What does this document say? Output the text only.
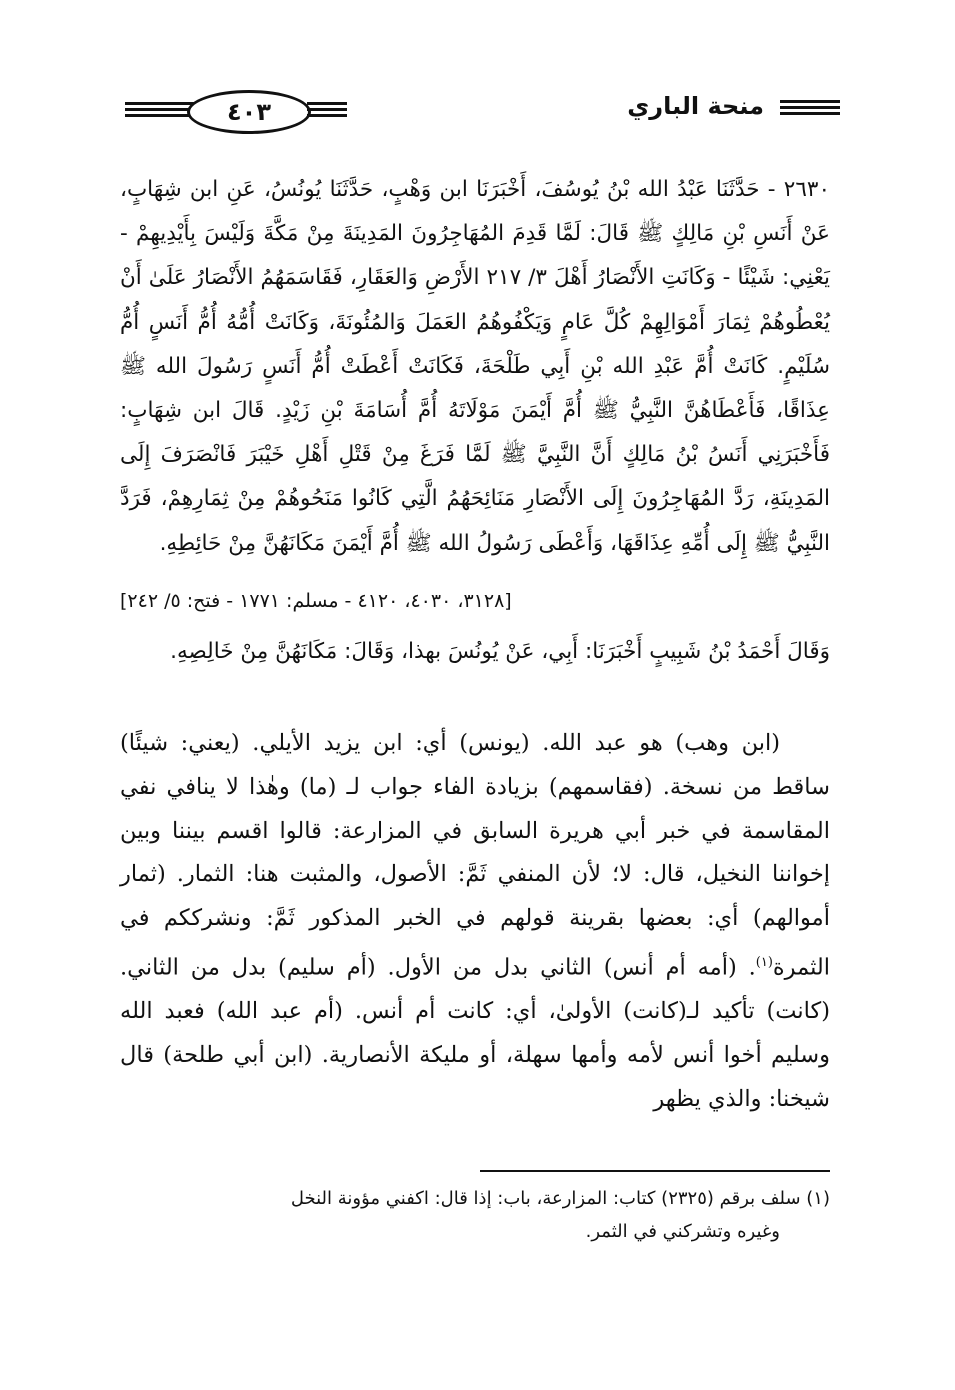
٤٠٣	منحة الباري

٢٦٣٠ - حَدَّثَنَا عَبْدُ الله بْنُ يُوسُفَ، أَخْبَرَنَا ابن وَهْبٍ، حَدَّثَنَا يُونُسُ، عَنِ ابن شِهَابٍ، عَنْ أَنَسِ بْنِ مَالِكٍ ﷺ قَالَ: لَمَّا قَدِمَ المُهَاجِرُونَ المَدِينَةَ مِنْ مَكَّةَ وَلَيْسَ بِأَيْدِيهِمْ - يَعْنِي: شَيْئًا - وَكَانَتِ الأَنْصَارُ أَهْلَ ٣/ ٢١٧ الأَرْضِ وَالعَقَارِ، فَقَاسَمَهُمُ الأَنْصَارُ عَلَىٰ أَنْ يُعْطُوهُمْ ثِمَارَ أَمْوَالِهِمْ كُلَّ عَامٍ وَيَكْفُوهُمُ العَمَلَ وَالمُئُونَةَ، وَكَانَتْ أُمُّهُ أُمُّ أَنَسٍ أُمُّ سُلَيْمٍ. كَانَتْ أُمَّ عَبْدِ الله بْنِ أَبِي طَلْحَةَ، فَكَانَتْ أَعْطَتْ أُمُّ أَنَسٍ رَسُولَ الله ﷺ عِذَاقًا، فَأَعْطَاهُنَّ النَّبِيُّ ﷺ أُمَّ أَيْمَنَ مَوْلَاتَهُ أُمَّ أُسَامَةَ بْنِ زَيْدٍ. قَالَ ابن شِهَابٍ: فَأَخْبَرَنِي أَنَسُ بْنُ مَالِكٍ أَنَّ النَّبِيَّ ﷺ لَمَّا فَرَغَ مِنْ قَتْلِ أَهْلِ خَيْبَرَ فَانْصَرَفَ إِلَى المَدِينَةِ، رَدَّ المُهَاجِرُونَ إِلَى الأَنْصَارِ مَنَائِحَهُمُ الَّتِي كَانُوا مَنَحُوهُمْ مِنْ ثِمَارِهِمْ، فَرَدَّ النَّبِيُّ ﷺ إِلَى أُمِّهِ عِذَاقَهَا، وَأَعْطَى رَسُولُ الله ﷺ أُمَّ أَيْمَنَ مَكَانَهُنَّ مِنْ حَائِطِهِ.

[٣١٢٨، ٤٠٣٠، ٤١٢٠ - مسلم: ١٧٧١ - فتح: ٥/ ٢٤٢]

وَقَالَ أَحْمَدُ بْنُ شَبِيبٍ أَخْبَرَنَا: أَبِي، عَنْ يُونُسَ بهذا، وَقَالَ: مَكَانَهُنَّ مِنْ خَالِصِهِ.

(ابن وهب) هو عبد الله. (يونس) أي: ابن يزيد الأيلي. (يعني: شيئًا) ساقط من نسخة. (فقاسمهم) بزيادة الفاء جواب لـ (ما) وهٰذا لا ينافي نفي المقاسمة في خبر أبي هريرة السابق في المزارعة: قالوا اقسم بيننا وبين إخواننا النخيل، قال: لا؛ لأن المنفي ثَمَّ: الأصول، والمثبت هنا: الثمار. (ثمار أموالهم) أي: بعضها بقرينة قولهم في الخبر المذكور ثَمَّ: ونشرككم في الثمرة$^{(١)}$. (أمه أم أنس) الثاني بدل من الأول. (أم سليم) بدل من الثاني. (كانت) تأكيد لـ(كانت) الأولىٰ، أي: كانت أم أنس. (أم عبد الله) فعبد الله وسليم أخوا أنس لأمه وأمها سهلة، أو مليكة الأنصارية. (ابن أبي طلحة) قال شيخنا: والذي يظهر

(١) سلف برقم (٢٣٢٥) كتاب: المزارعة، باب: إذا قال: اكفني مؤونة النخل

وغيره وتشركني في الثمر.
